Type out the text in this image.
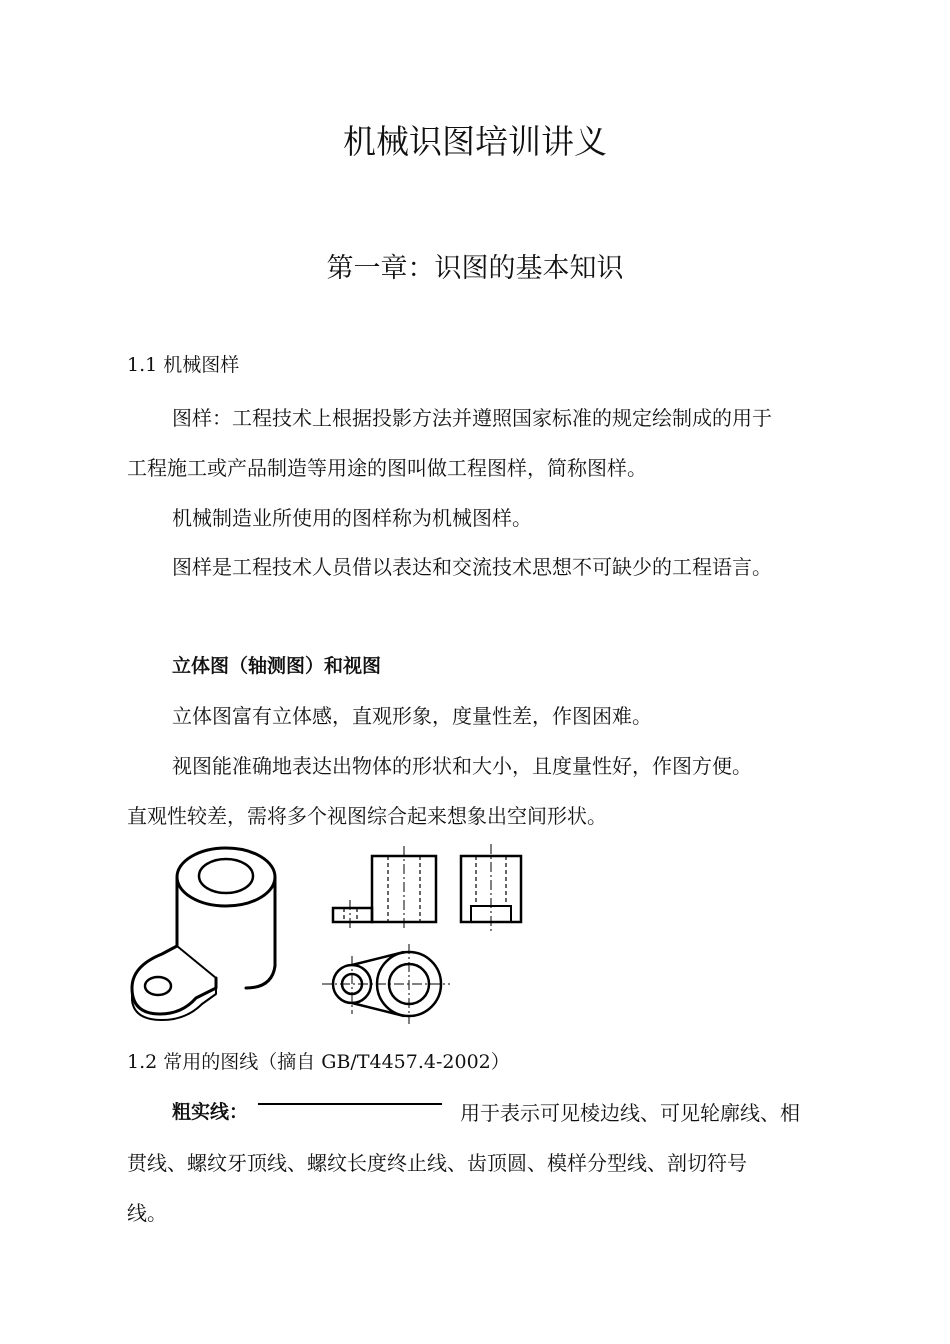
机械识图培训讲义
第一章：识图的基本知识
1.1 机械图样
图样：工程技术上根据投影方法并遵照国家标准的规定绘制成的用于
工程施工或产品制造等用途的图叫做工程图样，简称图样。
机械制造业所使用的图样称为机械图样。
图样是工程技术人员借以表达和交流技术思想不可缺少的工程语言。
立体图（轴测图）和视图
立体图富有立体感，直观形象，度量性差，作图困难。
视图能准确地表达出物体的形状和大小，且度量性好，作图方便。
直观性较差，需将多个视图综合起来想象出空间形状。
1.2 常用的图线（摘自 GB/T4457.4-2002）
粗实线：	用于表示可见棱边线、可见轮廓线、相
贯线、螺纹牙顶线、螺纹长度终止线、齿顶圆、模样分型线、剖切符号
线。
